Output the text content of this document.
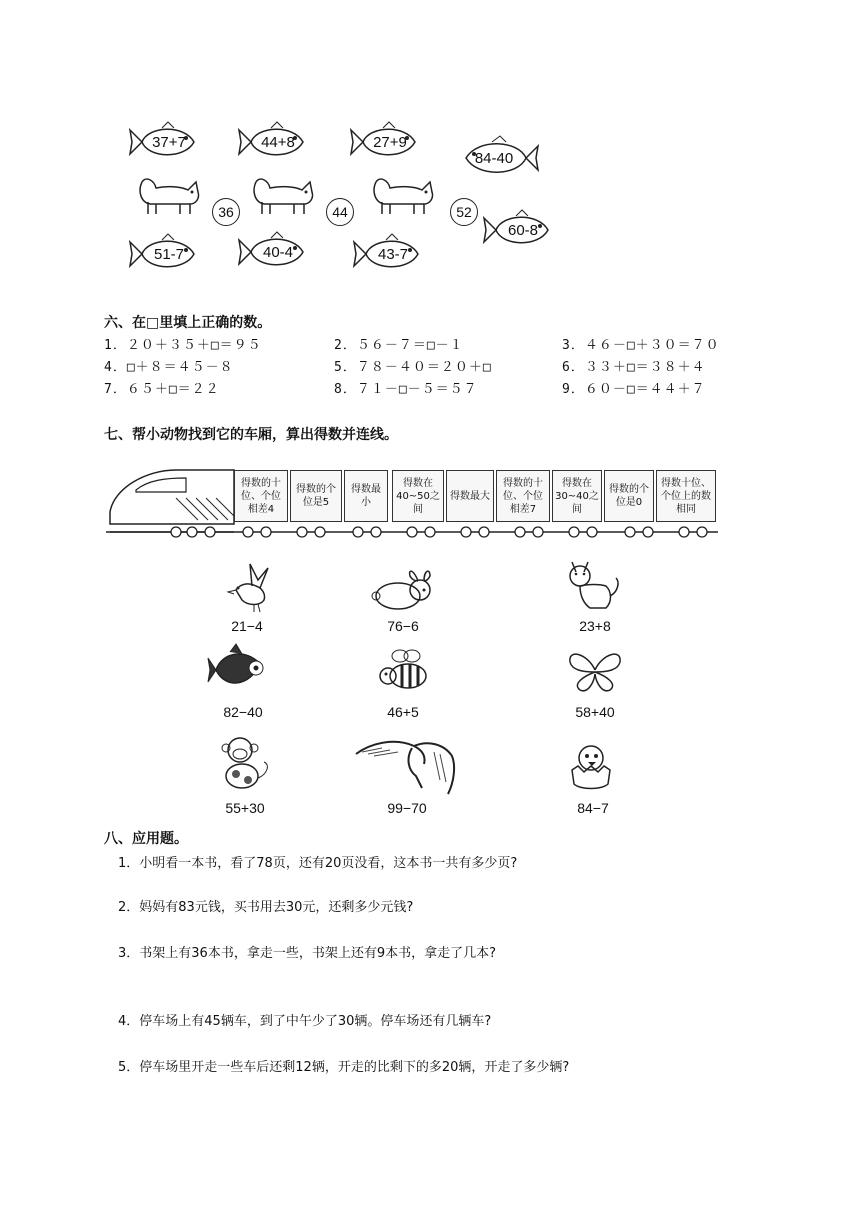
37+7	44+8	27+9
84-40
36	44	52
60-8
51-7	40-4	43-7
六、在□里填上正确的数。
1．２０＋３５＋□＝９５	2．５６－７＝□－１	3．４６－□＋３０＝７０
4．□＋８＝４５－８	5．７８－４０＝２０＋□	6．３３＋□＝３８＋４
7．６５＋□＝２２	8．７１－□－５＝５７	9．６０－□＝４４＋７
七、帮小动物找到它的车厢，算出得数并连线。
得数的十位、个位相差4
得数的个位是5
得数最小
得数在40~50之间
得数最大
得数的十位、个位相差7
得数在30~40之间
得数的个位是0
得数十位、个位上的数相同
21−4	76−6	23+8
82−40	46+5	58+40
55+30	99−70	84−7
八、应用题。
1．小明看一本书，看了78页，还有20页没看，这本书一共有多少页?
2．妈妈有83元钱，买书用去30元，还剩多少元钱?
3．书架上有36本书，拿走一些，书架上还有9本书，拿走了几本?
4．停车场上有45辆车，到了中午少了30辆。停车场还有几辆车?
5．停车场里开走一些车后还剩12辆，开走的比剩下的多20辆，开走了多少辆?
